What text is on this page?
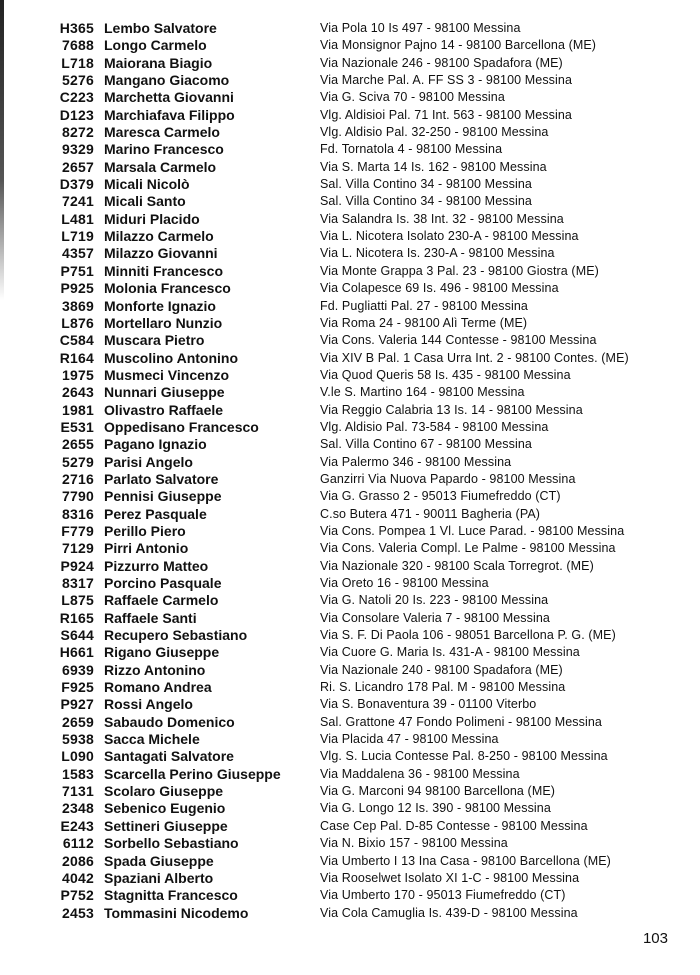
H365 Lembo Salvatore	Via Pola 10 Is 497 - 98100 Messina
7688 Longo Carmelo	Via Monsignor Pajno 14 - 98100 Barcellona (ME)
L718 Maiorana Biagio	Via Nazionale 246 - 98100 Spadafora (ME)
5276 Mangano Giacomo	Via Marche Pal. A. FF SS 3 - 98100 Messina
C223 Marchetta Giovanni	Via G. Sciva 70 - 98100 Messina
D123 Marchiafava Filippo	Vlg. Aldisioi Pal. 71 Int. 563 - 98100 Messina
8272 Maresca Carmelo	Vlg. Aldisio Pal. 32-250 - 98100 Messina
9329 Marino Francesco	Fd. Tornatola 4 - 98100 Messina
2657 Marsala Carmelo	Via S. Marta 14 Is. 162 - 98100 Messina
D379 Micali Nicolò	Sal. Villa Contino 34 - 98100 Messina
7241 Micali Santo	Sal. Villa Contino 34 - 98100 Messina
L481 Miduri Placido	Via Salandra Is. 38 Int. 32 - 98100 Messina
L719 Milazzo Carmelo	Via L. Nicotera Isolato 230-A - 98100 Messina
4357 Milazzo Giovanni	Via L. Nicotera Is. 230-A - 98100 Messina
P751 Minniti Francesco	Via Monte Grappa 3 Pal. 23 - 98100 Giostra (ME)
P925 Molonia Francesco	Via Colapesce 69 Is. 496 - 98100 Messina
3869 Monforte Ignazio	Fd. Pugliatti Pal. 27 - 98100 Messina
L876 Mortellaro Nunzio	Via Roma 24 - 98100 Alì Terme (ME)
C584 Muscara Pietro	Via Cons. Valeria 144 Contesse - 98100 Messina
R164 Muscolino Antonino	Via XIV B Pal. 1 Casa Urra Int. 2 - 98100 Contes. (ME)
1975 Musmeci Vincenzo	Via Quod Queris 58 Is. 435 - 98100 Messina
2643 Nunnari Giuseppe	V.le S. Martino 164 - 98100 Messina
1981 Olivastro Raffaele	Via Reggio Calabria 13 Is. 14 - 98100 Messina
E531 Oppedisano Francesco	Vlg. Aldisio Pal. 73-584 - 98100 Messina
2655 Pagano Ignazio	Sal. Villa Contino 67 - 98100 Messina
5279 Parisi Angelo	Via Palermo 346 - 98100 Messina
2716 Parlato Salvatore	Ganzirri Via Nuova Papardo - 98100 Messina
7790 Pennisi Giuseppe	Via G. Grasso 2 - 95013 Fiumefreddo (CT)
8316 Perez Pasquale	C.so Butera 471 - 90011 Bagheria (PA)
F779 Perillo Piero	Via Cons. Pompea 1 Vl. Luce Parad. - 98100 Messina
7129 Pirri Antonio	Via Cons. Valeria Compl. Le Palme - 98100 Messina
P924 Pizzurro Matteo	Via Nazionale 320 - 98100 Scala Torregrot. (ME)
8317 Porcino Pasquale	Via Oreto 16 - 98100 Messina
L875 Raffaele Carmelo	Via G. Natoli 20 Is. 223 - 98100 Messina
R165 Raffaele Santi	Via Consolare Valeria 7 - 98100 Messina
S644 Recupero Sebastiano	Via S. F. Di Paola 106 - 98051 Barcellona P. G. (ME)
H661 Rigano Giuseppe	Via Cuore G. Maria Is. 431-A - 98100 Messina
6939 Rizzo Antonino	Via Nazionale 240 - 98100 Spadafora (ME)
F925 Romano Andrea	Ri. S. Licandro 178 Pal. M - 98100 Messina
P927 Rossi Angelo	Via S. Bonaventura 39 - 01100 Viterbo
2659 Sabaudo Domenico	Sal. Grattone 47 Fondo Polimeni - 98100 Messina
5938 Sacca Michele	Via Placida 47 - 98100 Messina
L090 Santagati Salvatore	Vlg. S. Lucia Contesse Pal. 8-250 - 98100 Messina
1583 Scarcella Perino Giuseppe	Via Maddalena 36 - 98100 Messina
7131 Scolaro Giuseppe	Via G. Marconi 94 98100 Barcellona (ME)
2348 Sebenico Eugenio	Via G. Longo 12 Is. 390 - 98100 Messina
E243 Settineri Giuseppe	Case Cep Pal. D-85 Contesse - 98100 Messina
6112 Sorbello Sebastiano	Via N. Bixio 157 - 98100 Messina
2086 Spada Giuseppe	Via Umberto I 13 Ina Casa - 98100 Barcellona (ME)
4042 Spaziani Alberto	Via Rooselwet Isolato XI 1-C - 98100 Messina
P752 Stagnitta Francesco	Via Umberto 170 - 95013 Fiumefreddo (CT)
2453 Tommasini Nicodemo	Via Cola Camuglia Is. 439-D - 98100 Messina
103
